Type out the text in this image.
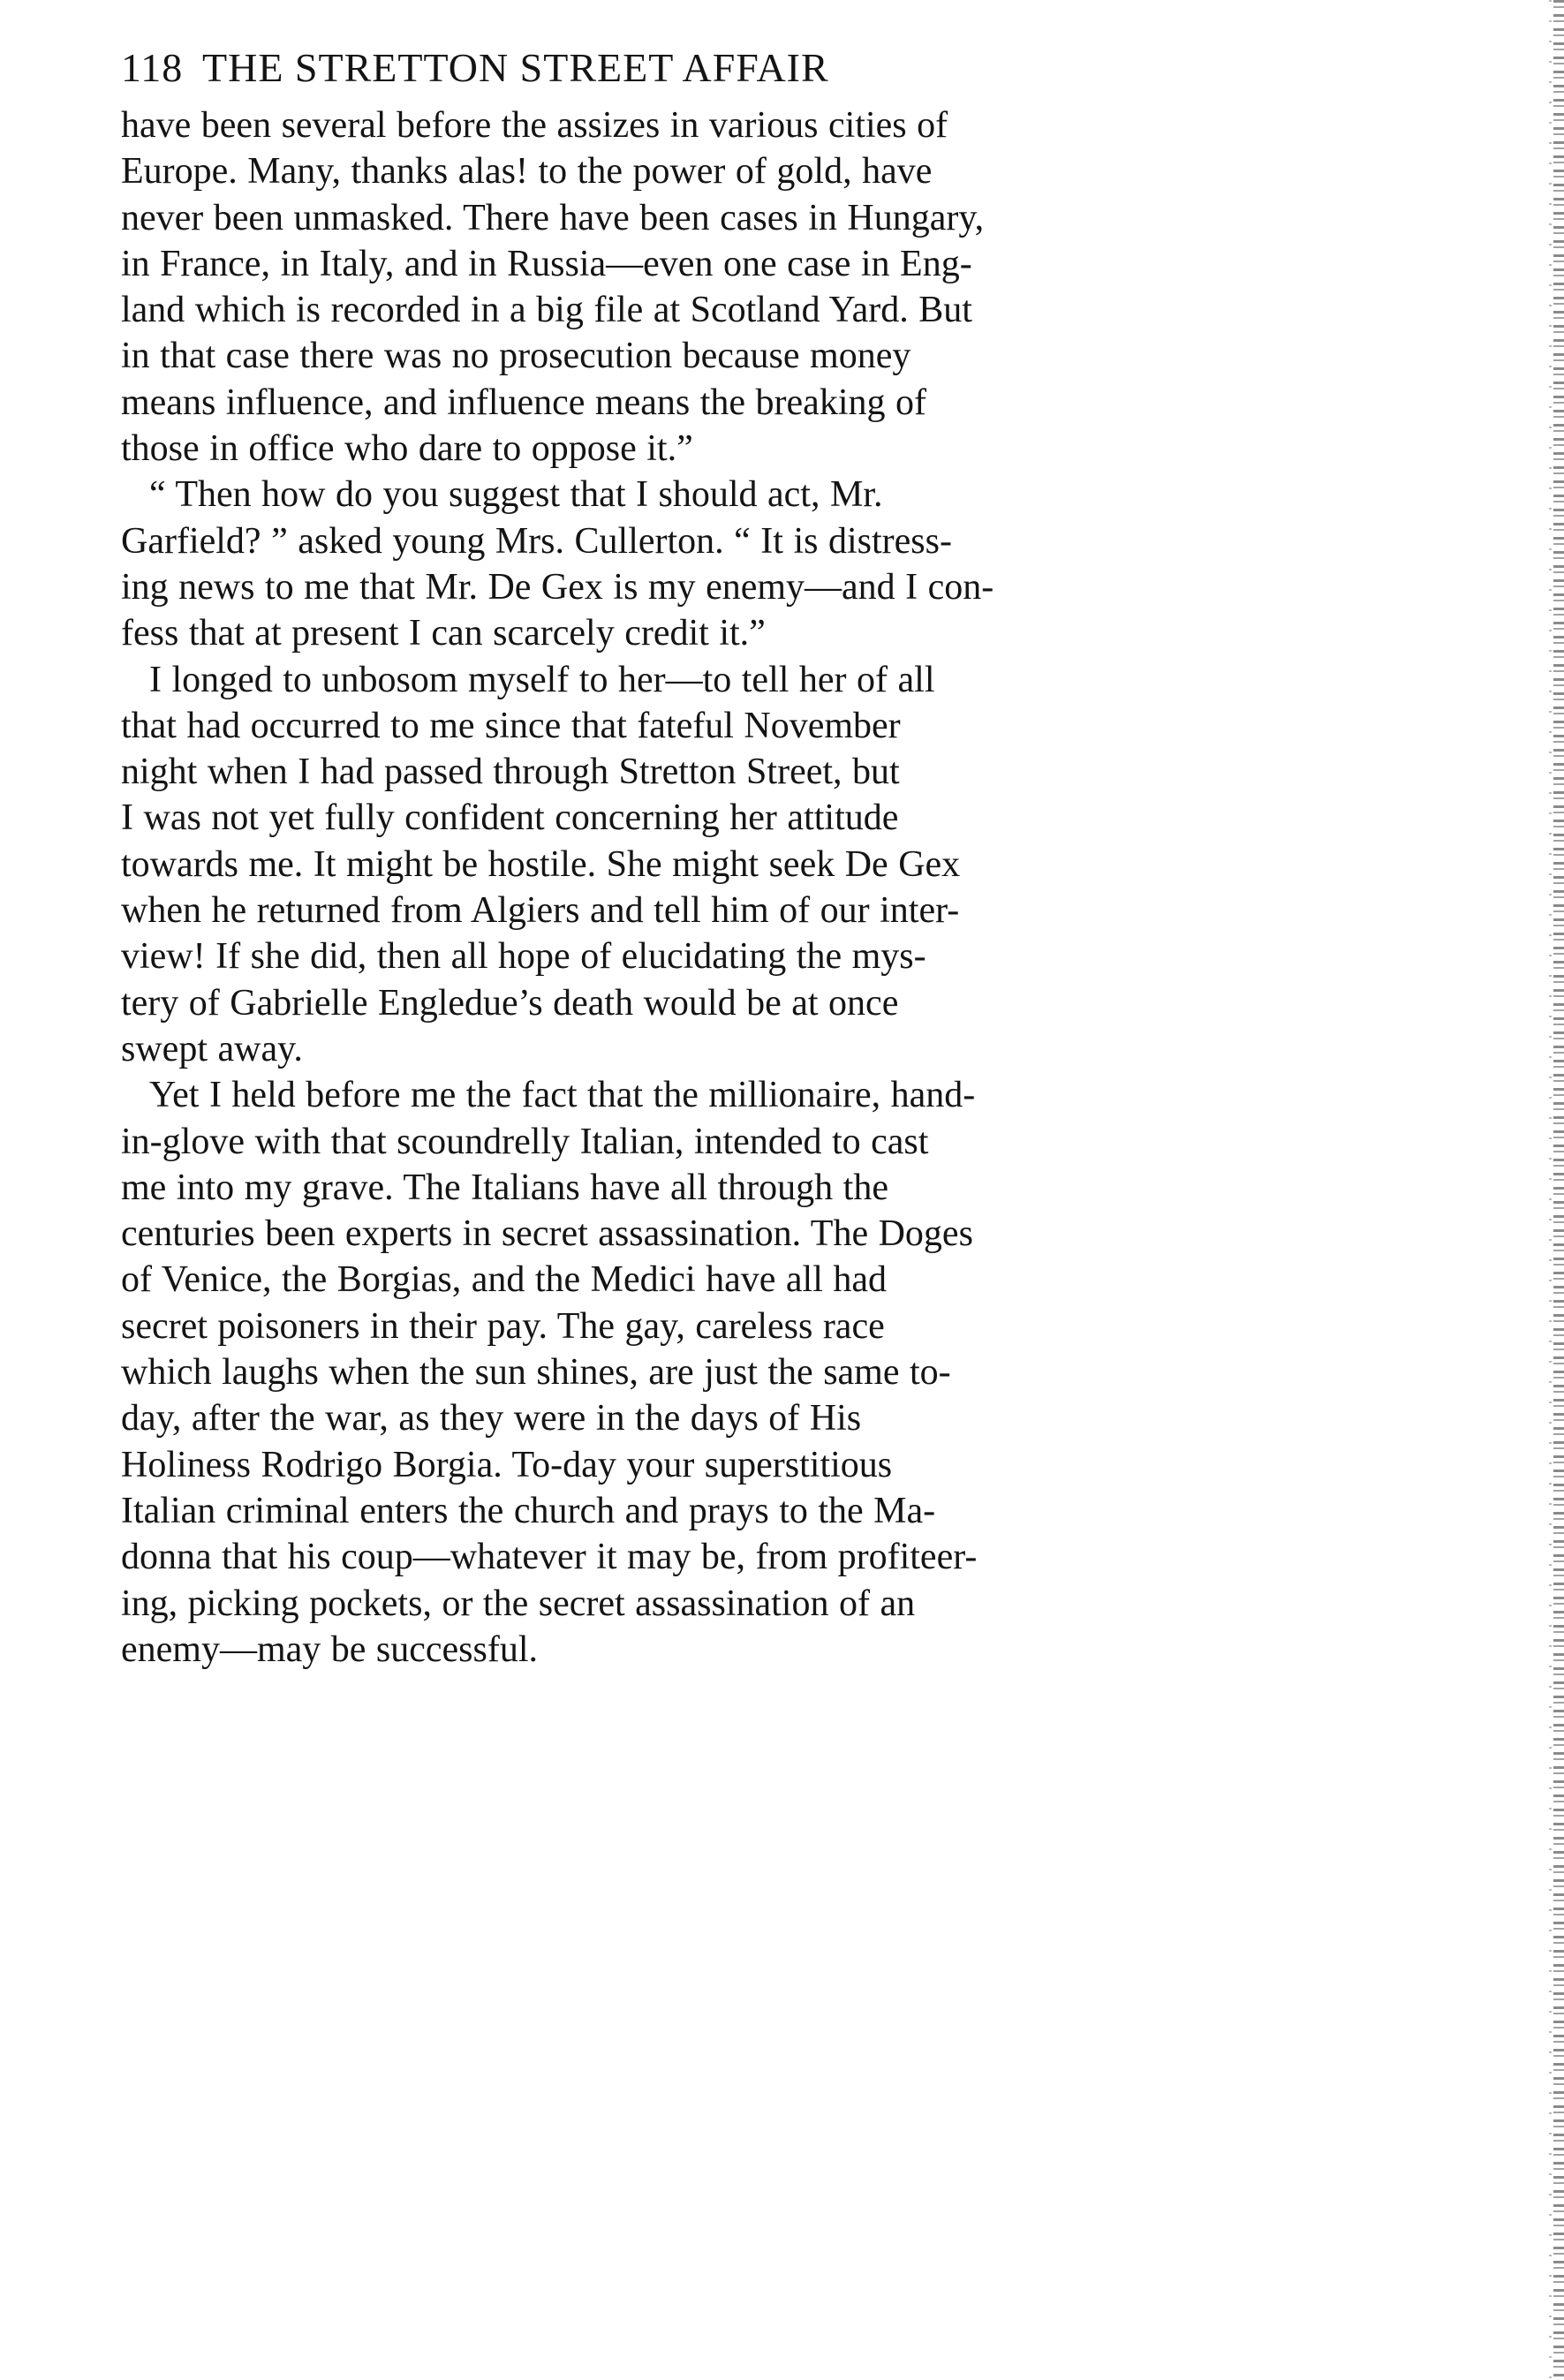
118 THE STRETTON STREET AFFAIR
have been several before the assizes in various cities of
Europe. Many, thanks alas! to the power of gold, have
never been unmasked. There have been cases in Hungary,
in France, in Italy, and in Russia—even one case in Eng-
land which is recorded in a big file at Scotland Yard. But
in that case there was no prosecution because money
means influence, and influence means the breaking of
those in office who dare to oppose it.”
“ Then how do you suggest that I should act, Mr.
Garfield? ” asked young Mrs. Cullerton. “ It is distress-
ing news to me that Mr. De Gex is my enemy—and I con-
fess that at present I can scarcely credit it.”
I longed to unbosom myself to her—to tell her of all
that had occurred to me since that fateful November
night when I had passed through Stretton Street, but
I was not yet fully confident concerning her attitude
towards me. It might be hostile. She might seek De Gex
when he returned from Algiers and tell him of our inter-
view! If she did, then all hope of elucidating the mys-
tery of Gabrielle Engledue’s death would be at once
swept away.
Yet I held before me the fact that the millionaire, hand-
in-glove with that scoundrelly Italian, intended to cast
me into my grave. The Italians have all through the
centuries been experts in secret assassination. The Doges
of Venice, the Borgias, and the Medici have all had
secret poisoners in their pay. The gay, careless race
which laughs when the sun shines, are just the same to-
day, after the war, as they were in the days of His
Holiness Rodrigo Borgia. To-day your superstitious
Italian criminal enters the church and prays to the Ma-
donna that his coup—whatever it may be, from profiteer-
ing, picking pockets, or the secret assassination of an
enemy—may be successful.
